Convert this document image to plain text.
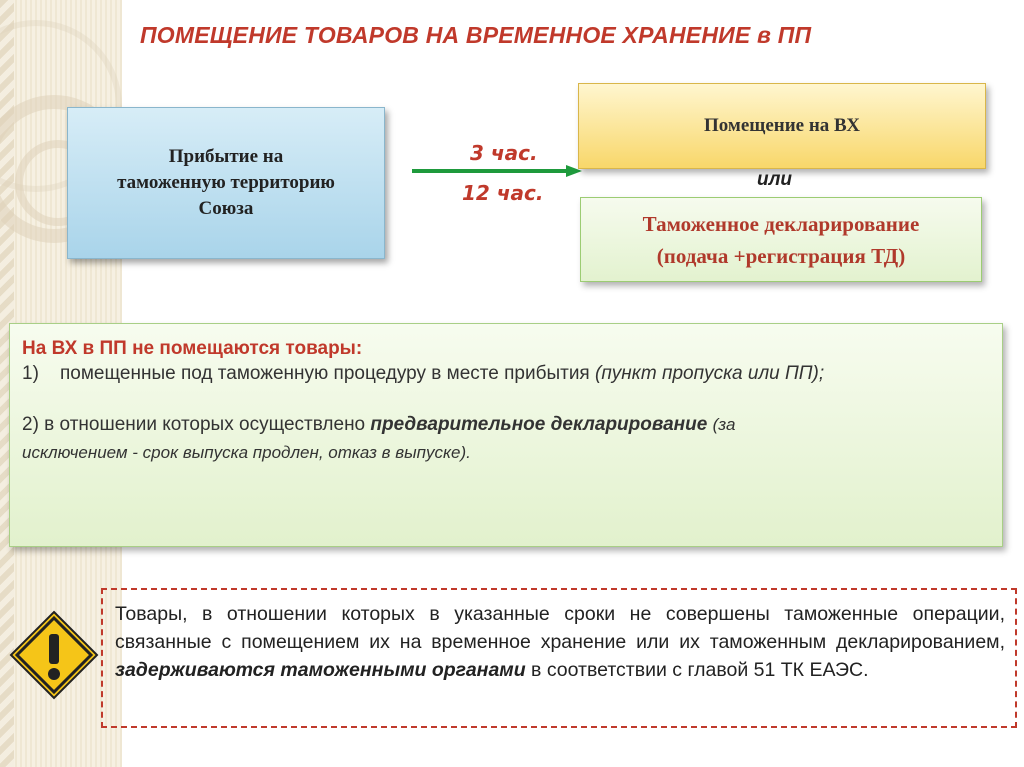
ПОМЕЩЕНИЕ ТОВАРОВ НА ВРЕМЕННОЕ ХРАНЕНИЕ в ПП
Прибытие на
таможенную территорию
Союза
3 час.
12 час.
Помещение на ВХ
или
Таможенное декларирование
(подача +регистрация ТД)
На ВХ в ПП не помещаются товары:
1)	помещенные под таможенную процедуру в месте прибытия (пункт пропуска или ПП);
2) в отношении которых осуществлено предварительное декларирование (за
исключением - срок выпуска продлен, отказ в выпуске).
Товары, в отношении которых в указанные сроки не совершены таможенные операции, связанные с помещением их на временное хранение или их таможенным декларированием, задерживаются таможенными органами в соответствии с главой 51 ТК ЕАЭС.
